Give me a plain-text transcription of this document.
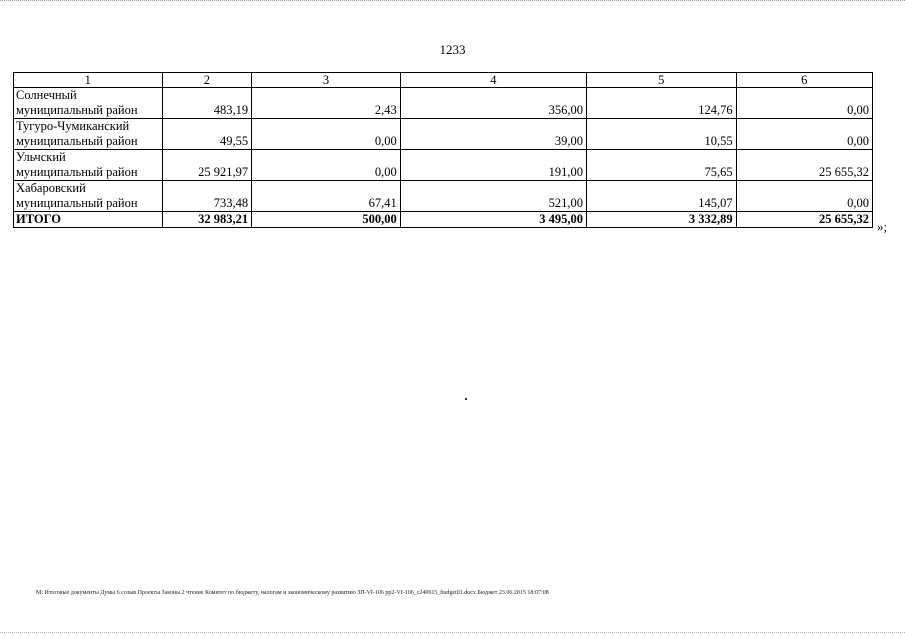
1233
1	2	3	4	5	6
Солнечный
муниципальный район	483,19	2,43	356,00	124,76	0,00
Тугуро-Чумиканский
муниципальный район	49,55	0,00	39,00	10,55	0,00
Ульчский
муниципальный район	25 921,97	0,00	191,00	75,65	25 655,32
Хабаровский
муниципальный район	733,48	67,41	521,00	145,07	0,00
ИТОГО	32 983,21	500,00	3 495,00	3 332,89	25 655,32 »;
М: Итоговые документы Думы 6 созыв Проекты Законы 2 чтение Комитет по бюджету, налогам и экономическому развитию ЗП-VI-106 pp2-VI-106_c240615_budget01.docx Бюджет 23.06.2015 18:07:08
